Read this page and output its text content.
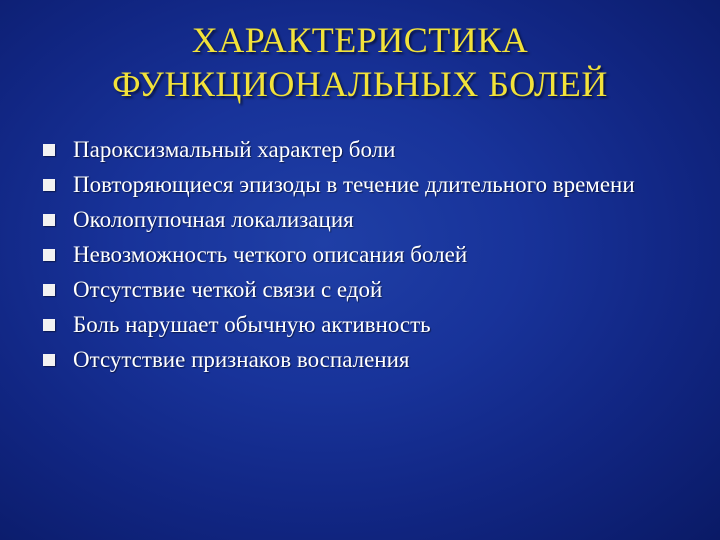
ХАРАКТЕРИСТИКА
ФУНКЦИОНАЛЬНЫХ БОЛЕЙ
Пароксизмальный характер боли
Повторяющиеся эпизоды в течение длительного времени
Околопупочная локализация
Невозможность четкого описания болей
Отсутствие четкой связи с едой
Боль нарушает обычную активность
Отсутствие признаков воспаления
